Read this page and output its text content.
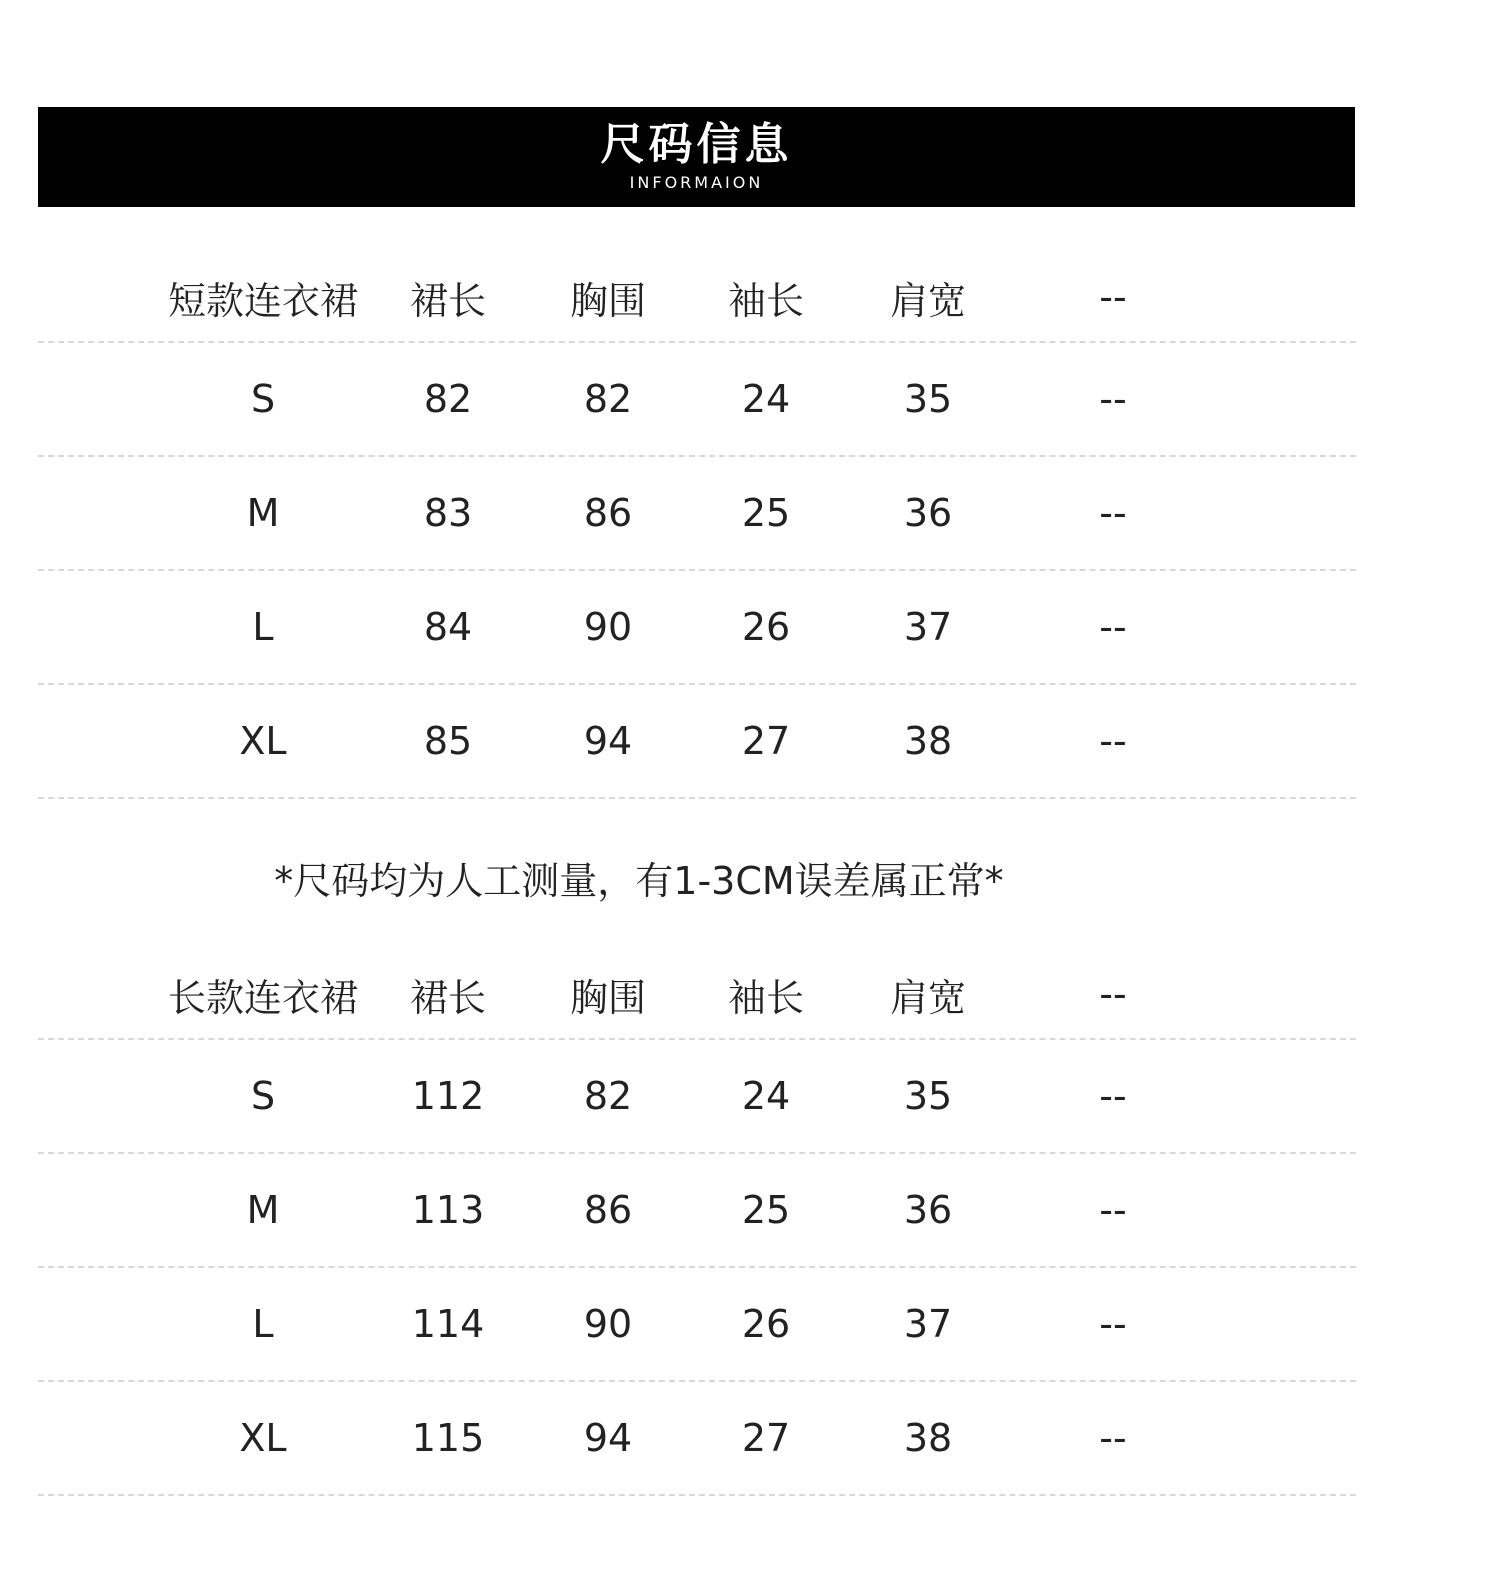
尺码信息
INFORMAION
短款连衣裙	裙长	胸围	袖长	肩宽	--
S	82	82	24	35	--
M	83	86	25	36	--
L	84	90	26	37	--
XL	85	94	27	38	--
*尺码均为人工测量，有1-3CM误差属正常*
长款连衣裙	裙长	胸围	袖长	肩宽	--
S	112	82	24	35	--
M	113	86	25	36	--
L	114	90	26	37	--
XL	115	94	27	38	--
